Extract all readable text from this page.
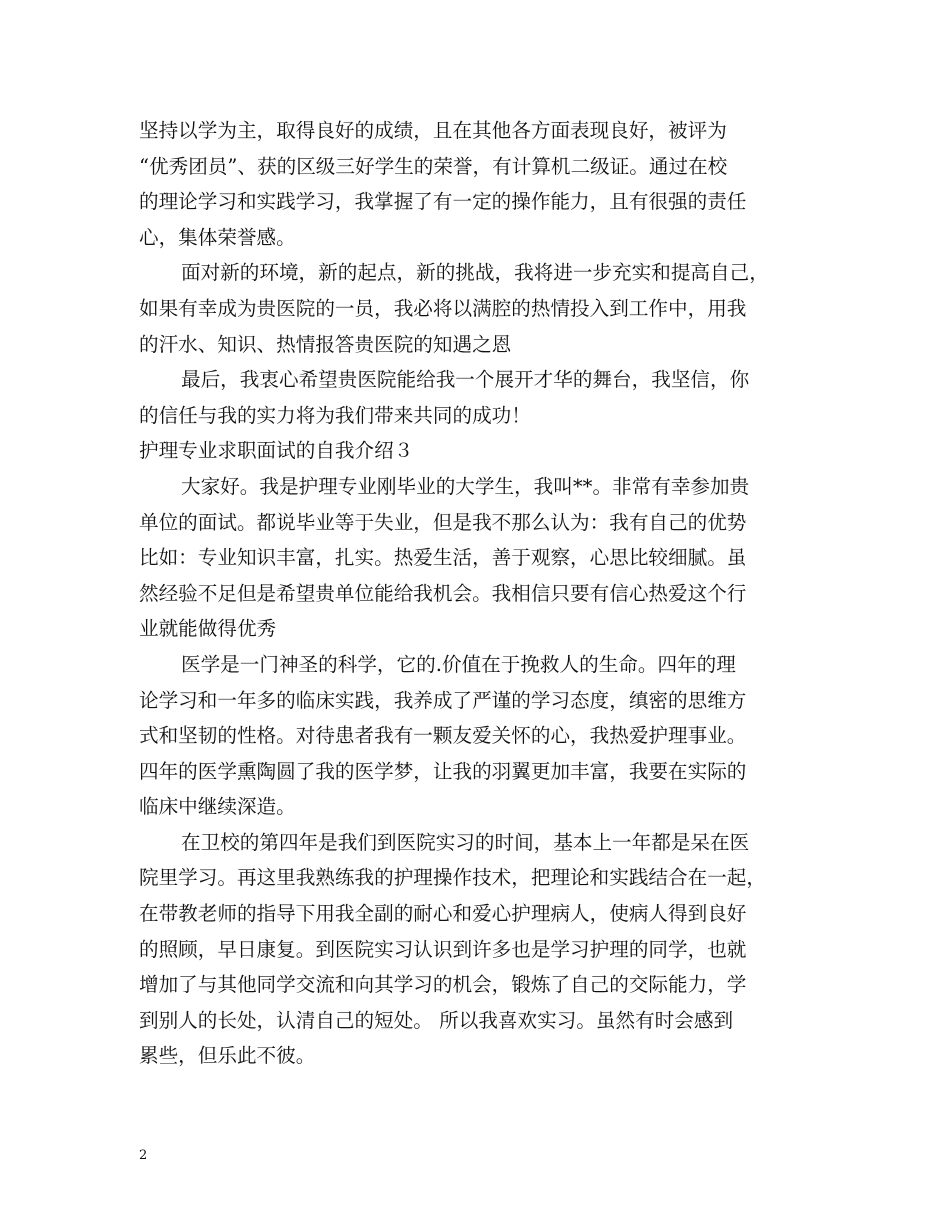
坚持以学为主，取得良好的成绩，且在其他各方面表现良好，被评为
“优秀团员”、获的区级三好学生的荣誉，有计算机二级证。通过在校
的理论学习和实践学习，我掌握了有一定的操作能力，且有很强的责任
心，集体荣誉感。
面对新的环境，新的起点，新的挑战，我将进一步充实和提高自己，
如果有幸成为贵医院的一员，我必将以满腔的热情投入到工作中，用我
的汗水、知识、热情报答贵医院的知遇之恩
最后，我衷心希望贵医院能给我一个展开才华的舞台，我坚信，你
的信任与我的实力将为我们带来共同的成功！
护理专业求职面试的自我介绍３
大家好。我是护理专业刚毕业的大学生，我叫**。非常有幸参加贵
单位的面试。都说毕业等于失业，但是我不那么认为：我有自己的优势
比如：专业知识丰富，扎实。热爱生活，善于观察，心思比较细腻。虽
然经验不足但是希望贵单位能给我机会。我相信只要有信心热爱这个行
业就能做得优秀
医学是一门神圣的科学，它的.价值在于挽救人的生命。四年的理
论学习和一年多的临床实践，我养成了严谨的学习态度，缜密的思维方
式和坚韧的性格。对待患者我有一颗友爱关怀的心，我热爱护理事业。
四年的医学熏陶圆了我的医学梦，让我的羽翼更加丰富，我要在实际的
临床中继续深造。
在卫校的第四年是我们到医院实习的时间，基本上一年都是呆在医
院里学习。再这里我熟练我的护理操作技术，把理论和实践结合在一起，
在带教老师的指导下用我全副的耐心和爱心护理病人，使病人得到良好
的照顾，早日康复。到医院实习认识到许多也是学习护理的同学，也就
增加了与其他同学交流和向其学习的机会，锻炼了自己的交际能力，学
到别人的长处，认清自己的短处。 所以我喜欢实习。虽然有时会感到
累些，但乐此不彼。
2
